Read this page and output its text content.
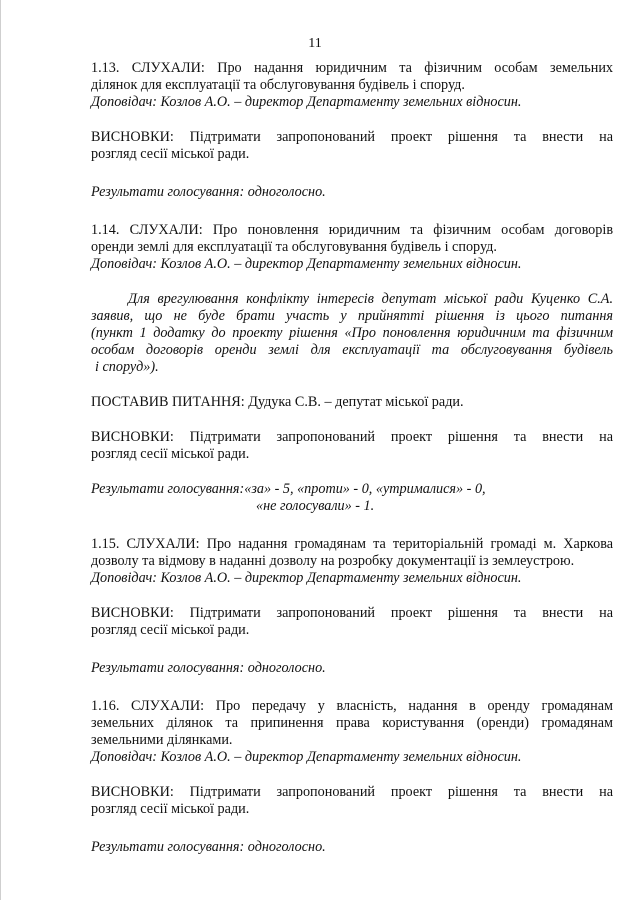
11

1.13. СЛУХАЛИ: Про надання юридичним та фізичним особам земельних

ділянок для експлуатації та обслуговування будівель і споруд.

Доповідач: Козлов А.О. – директор Департаменту земельних відносин.

ВИСНОВКИ: Підтримати запропонований проект рішення та внести на

розгляд сесії міської ради.

Результати голосування: одноголосно.

1.14. СЛУХАЛИ: Про поновлення юридичним та фізичним особам договорів

оренди землі для експлуатації та обслуговування будівель і споруд.

Доповідач: Козлов А.О. – директор Департаменту земельних відносин.

Для врегулювання конфлікту інтересів депутат міської ради Куценко С.А.

заявив, що не буде брати участь у прийнятті рішення із цього питання

(пункт 1 додатку до проекту рішення «Про поновлення юридичним та фізичним

особам договорів оренди землі для експлуатації та обслуговування будівель

і споруд»).

ПОСТАВИВ ПИТАННЯ: Дудука С.В. – депутат міської ради.

ВИСНОВКИ: Підтримати запропонований проект рішення та внести на

розгляд сесії міської ради.

Результати голосування:«за» - 5, «проти» - 0, «утрималися» - 0,

«не голосували» - 1.

1.15. СЛУХАЛИ: Про надання громадянам та територіальній громаді м. Харкова

дозволу та відмову в наданні дозволу на розробку документації із землеустрою.

Доповідач: Козлов А.О. – директор Департаменту земельних відносин.

ВИСНОВКИ: Підтримати запропонований проект рішення та внести на

розгляд сесії міської ради.

Результати голосування: одноголосно.

1.16. СЛУХАЛИ: Про передачу у власність, надання в оренду громадянам

земельних ділянок та припинення права користування (оренди) громадянам

земельними ділянками.

Доповідач: Козлов А.О. – директор Департаменту земельних відносин.

ВИСНОВКИ: Підтримати запропонований проект рішення та внести на

розгляд сесії міської ради.

Результати голосування: одноголосно.
